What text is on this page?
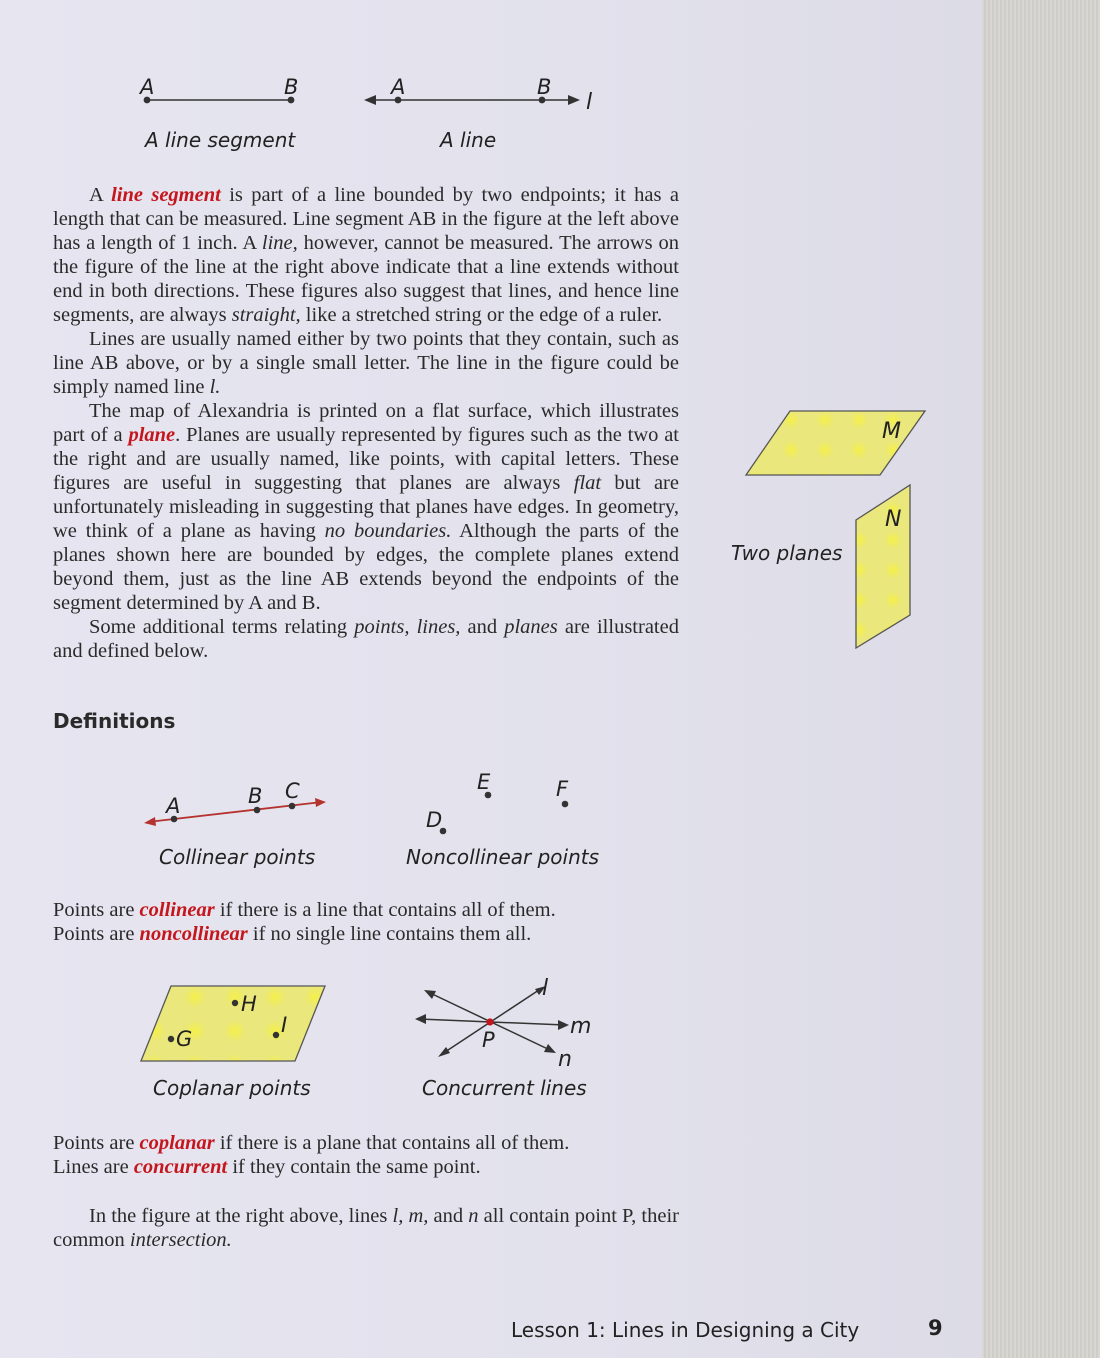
A	B	A	B
l
A line segment	A line

A line segment is part of a line bounded by two endpoints; it has a length that can be measured. Line segment AB in the figure at the left above has a length of 1 inch. A line, however, cannot be measured. The arrows on the figure of the line at the right above indicate that a line extends without end in both directions. These figures also suggest that lines, and hence line segments, are always straight, like a stretched string or the edge of a ruler.

Lines are usually named either by two points that they contain, such as line AB above, or by a single small letter. The line in the figure could be simply named line l.

The map of Alexandria is printed on a flat surface, which illustrates part of a plane. Planes are usually represented by figures such as the two at the right and are usually named, like points, with capital letters. These figures are useful in suggesting that planes are always flat but are unfortunately misleading in suggesting that planes have edges. In geometry, we think of a plane as having no boundaries. Although the parts of the planes shown here are bounded by edges, the complete planes extend beyond them, just as the line AB extends beyond the endpoints of the segment determined by A and B.

Some additional terms relating points, lines, and planes are illustrated and defined below.

M
N
Two planes
Definitions
A	B C
Collinear points
D
E	F
Noncollinear points
Points are collinear if there is a line that contains all of them.
Points are noncollinear if no single line contains them all.
G
H
I
Coplanar points
l
m
n
P
Concurrent lines
Points are coplanar if there is a plane that contains all of them.
Lines are concurrent if they contain the same point.

In the figure at the right above, lines l, m, and n all contain point P, their common intersection.

Lesson 1: Lines in Designing a City	9
